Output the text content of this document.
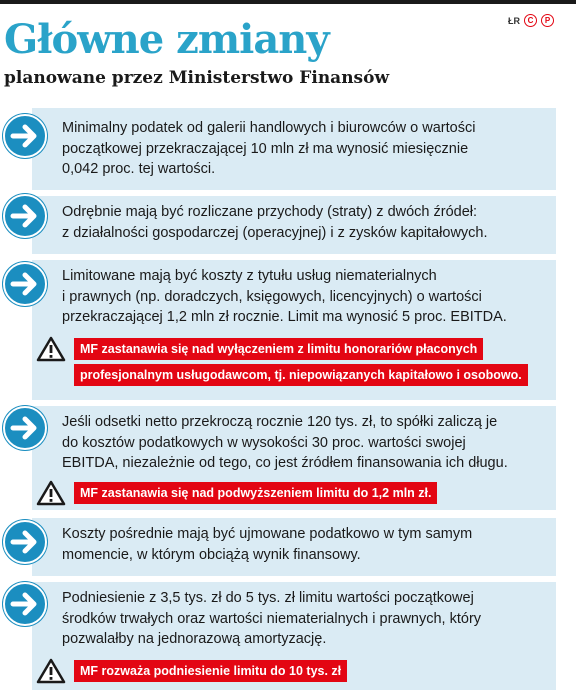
ŁR C	P
Główne zmiany
planowane przez Ministerstwo Finansów
Minimalny podatek od galerii handlowych i biurowców o wartości
początkowej przekraczającej 10 mln zł ma wynosić miesięcznie
0,042 proc. tej wartości.
Odrębnie mają być rozliczane przychody (straty) z dwóch źródeł:
z działalności gospodarczej (operacyjnej) i z zysków kapitałowych.
Limitowane mają być koszty z tytułu usług niematerialnych
i prawnych (np. doradczych, księgowych, licencyjnych) o wartości
przekraczającej 1,2 mln zł rocznie. Limit ma wynosić 5 proc. EBITDA.
MF zastanawia się nad wyłączeniem z limitu honorariów płaconych
profesjonalnym usługodawcom, tj. niepowiązanych kapitałowo i osobowo.
Jeśli odsetki netto przekroczą rocznie 120 tys. zł, to spółki zaliczą je
do kosztów podatkowych w wysokości 30 proc. wartości swojej
EBITDA, niezależnie od tego, co jest źródłem finansowania ich długu.
MF zastanawia się nad podwyższeniem limitu do 1,2 mln zł.
Koszty pośrednie mają być ujmowane podatkowo w tym samym
momencie, w którym obciążą wynik finansowy.
Podniesienie z 3,5 tys. zł do 5 tys. zł limitu wartości początkowej
środków trwałych oraz wartości niematerialnych i prawnych, który
pozwalałby na jednorazową amortyzację.
MF rozważa podniesienie limitu do 10 tys. zł
